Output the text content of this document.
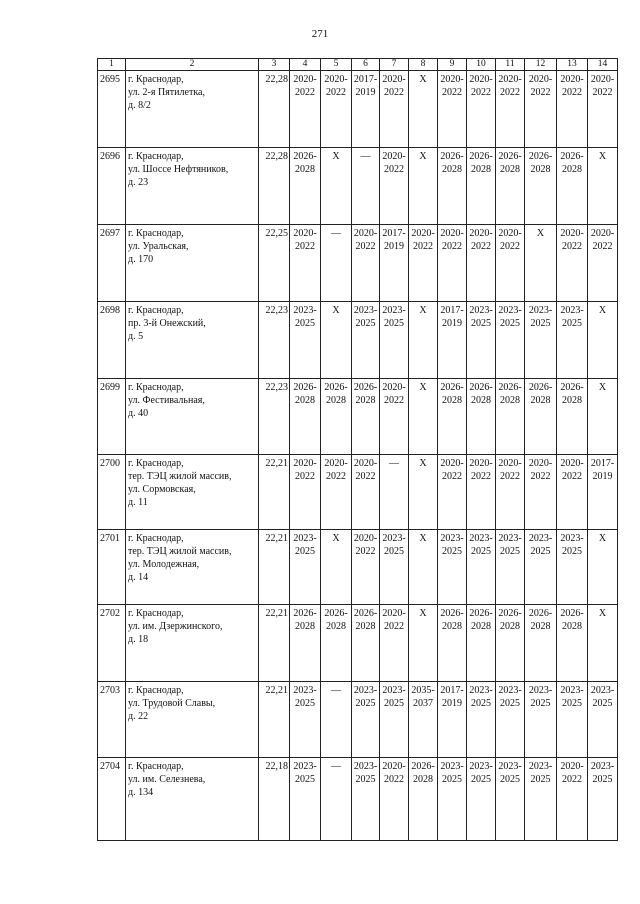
271
1	2	3	4	5	6	7	8	9	10	11	12	13	14
2695	г. Краснодар,
ул. 2-я Пятилетка,
д. 8/2	22,28	2020-
2022	2020-
2022	2017-
2019	2020-
2022	X	2020-
2022	2020-
2022	2020-
2022	2020-
2022	2020-
2022	2020-
2022

2696	г. Краснодар,
ул. Шоссе Нефтяников,
д. 23	22,28	2026-
2028	X	—	2020-
2022	X	2026-
2028	2026-
2028	2026-
2028	2026-
2028	2026-
2028	X
2697	г. Краснодар,
ул. Уральская,
д. 170	22,25	2020-
2022	—	2020-
2022	2017-
2019	2020-
2022	2020-
2022	2020-
2022	2020-
2022	X	2020-
2022	2020-
2022

2698	г. Краснодар,
пр. 3-й Онежский,
д. 5	22,23	2023-
2025	X	2023-
2025	2023-
2025	X	2017-
2019	2023-
2025	2023-
2025	2023-
2025	2023-
2025	X
2699	г. Краснодар,
ул. Фестивальная,
д. 40	22,23	2026-
2028	2026-
2028	2026-
2028	2020-
2022	X	2026-
2028	2026-
2028	2026-
2028	2026-
2028	2026-
2028	X
2700	г. Краснодар,
тер. ТЭЦ жилой массив,
ул. Сормовская,
д. 11	22,21	2020-
2022	2020-
2022	2020-
2022	—	X	2020-
2022	2020-
2022	2020-
2022	2020-
2022	2020-
2022	2017-
2019

2701	г. Краснодар,
тер. ТЭЦ жилой массив,
ул. Молодежная,
д. 14	22,21	2023-
2025	X	2020-
2022	2023-
2025	X	2023-
2025	2023-
2025	2023-
2025	2023-
2025	2023-
2025	X
2702	г. Краснодар,
ул. им. Дзержинского,
д. 18	22,21	2026-
2028	2026-
2028	2026-
2028	2020-
2022	X	2026-
2028	2026-
2028	2026-
2028	2026-
2028	2026-
2028	X
2703	г. Краснодар,
ул. Трудовой Славы,
д. 22	22,21	2023-
2025	—	2023-
2025	2023-
2025	2035-
2037	2017-
2019	2023-
2025	2023-
2025	2023-
2025	2023-
2025	2023-
2025

2704	г. Краснодар,
ул. им. Селезнева,
д. 134	22,18	2023-
2025	—	2023-
2025	2020-
2022	2026-
2028	2023-
2025	2023-
2025	2023-
2025	2023-
2025	2020-
2022	2023-
2025
